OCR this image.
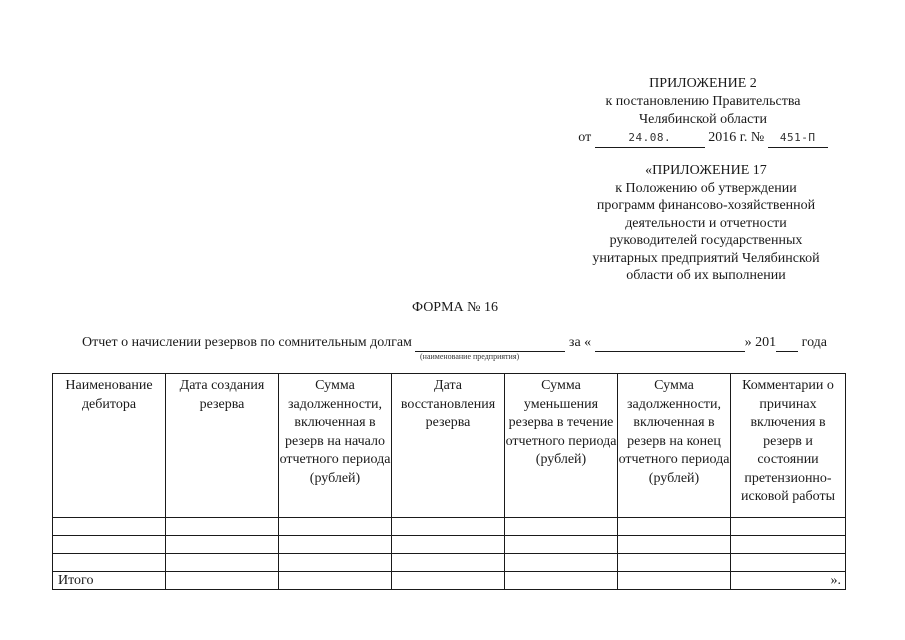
ПРИЛОЖЕНИЕ 2
к постановлению Правительства
Челябинской области
от	24.08.	2016 г. № 451-П
«ПРИЛОЖЕНИЕ 17
к Положению об утверждении
программ финансово-хозяйственной
деятельности и отчетности
руководителей государственных
унитарных предприятий Челябинской
области об их выполнении
ФОРМА № 16
Отчет о начислении резервов по сомнительным долгам	за «	» 201 года
(наименование предприятия)
Наименование дебитора	Дата создания резерва	Сумма задолженности, включенная в резерв на начало отчетного периода (рублей)	Дата восстановления резерва	Сумма уменьшения резерва в течение отчетного периода (рублей)	Сумма задолженности, включенная в резерв на конец отчетного периода (рублей)	Комментарии о причинах включения в резерв и состоянии претензионно-исковой работы

Итого						».
